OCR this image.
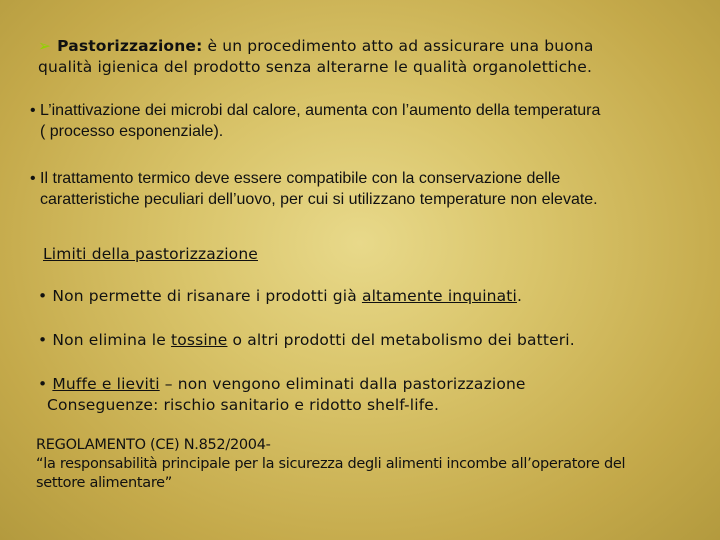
➢ Pastorizzazione: è un procedimento atto ad assicurare una buona
qualità igienica del prodotto senza alterarne le qualità organolettiche.
• L’inattivazione dei microbi dal calore, aumenta con l’aumento della temperatura
( processo esponenziale).
• Il trattamento termico deve essere compatibile con la conservazione delle
caratteristiche peculiari dell’uovo, per cui si utilizzano temperature non elevate.
Limiti della pastorizzazione
• Non permette di risanare i prodotti già altamente inquinati.
• Non elimina le tossine o altri prodotti del metabolismo dei batteri.
• Muffe e lieviti – non vengono eliminati dalla pastorizzazione
Conseguenze: rischio sanitario e ridotto shelf-life.
REGOLAMENTO (CE) N.852/2004-
“la responsabilità principale per la sicurezza degli alimenti incombe all’operatore del
settore alimentare”
